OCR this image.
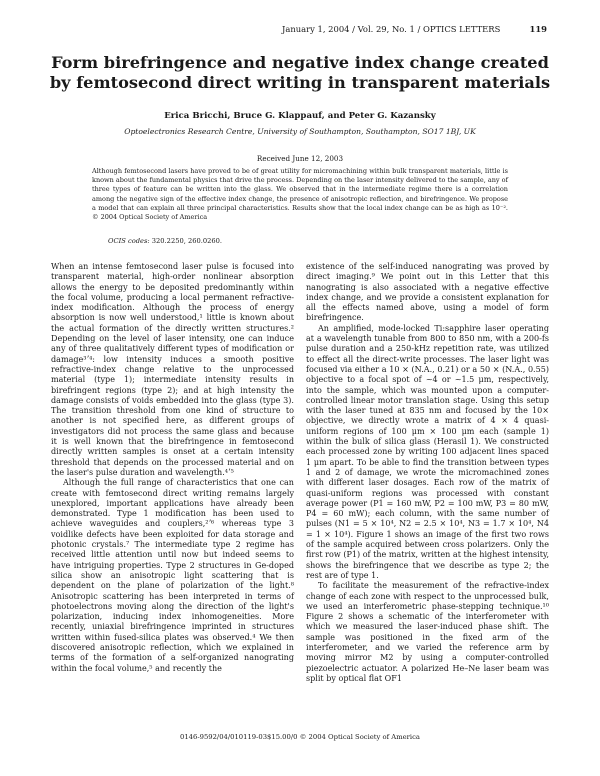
January 1, 2004 / Vol. 29, No. 1 / OPTICS LETTERS	119
Form birefringence and negative index change created by femtosecond direct writing in transparent materials
Erica Bricchi, Bruce G. Klappauf, and Peter G. Kazansky
Optoelectronics Research Centre, University of Southampton, Southampton, SO17 1BJ, UK
Received June 12, 2003

Although femtosecond lasers have proved to be of great utility for micromachining within bulk transparent materials, little is known about the fundamental physics that drive the process. Depending on the laser intensity delivered to the sample, any of three types of feature can be written into the glass. We observed that in the intermediate regime there is a correlation among the negative sign of the effective index change, the presence of anisotropic reflection, and birefringence. We propose a model that can explain all three principal characteristics. Results show that the local index change can be as high as 10⁻². © 2004 Optical Society of America

OCIS codes: 320.2250, 260.0260.

When an intense femtosecond laser pulse is focused into transparent material, high-order nonlinear absorption allows the energy to be deposited predominantly within the focal volume, producing a local permanent refractive-index modification. Although the process of energy absorption is now well understood,¹ little is known about the actual formation of the directly written structures.² Depending on the level of laser intensity, one can induce any of three qualitatively different types of modification or damage³ʼ⁴: low intensity induces a smooth positive refractive-index change relative to the unprocessed material (type 1); intermediate intensity results in birefringent regions (type 2); and at high intensity the damage consists of voids embedded into the glass (type 3). The transition threshold from one kind of structure to another is not specified here, as different groups of investigators did not process the same glass and because it is well known that the birefringence in femtosecond directly written samples is onset at a certain intensity threshold that depends on the processed material and on the laser's pulse duration and wavelength.⁴ʼ⁵

Although the full range of characteristics that one can create with femtosecond direct writing remains largely unexplored, important applications have already been demonstrated. Type 1 modification has been used to achieve waveguides and couplers,²ʼ⁶ whereas type 3 voidlike defects have been exploited for data storage and photonic crystals.⁷ The intermediate type 2 regime has received little attention until now but indeed seems to have intriguing properties. Type 2 structures in Ge-doped silica show an anisotropic light scattering that is dependent on the plane of polarization of the light.⁸ Anisotropic scattering has been interpreted in terms of photoelectrons moving along the direction of the light's polarization, inducing index inhomogeneities. More recently, uniaxial birefringence imprinted in structures written within fused-silica plates was observed.⁴ We then discovered anisotropic reflection, which we explained in terms of the formation of a self-organized nanograting within the focal volume,⁵ and recently the

existence of the self-induced nanograting was proved by direct imaging.⁹ We point out in this Letter that this nanograting is also associated with a negative effective index change, and we provide a consistent explanation for all the effects named above, using a model of form birefringence.

An amplified, mode-locked Ti:sapphire laser operating at a wavelength tunable from 800 to 850 nm, with a 200-fs pulse duration and a 250-kHz repetition rate, was utilized to effect all the direct-write processes. The laser light was focused via either a 10 × (N.A., 0.21) or a 50 × (N.A., 0.55) objective to a focal spot of ~4 or ~1.5 μm, respectively, into the sample, which was mounted upon a computer-controlled linear motor translation stage. Using this setup with the laser tuned at 835 nm and focused by the 10× objective, we directly wrote a matrix of 4 × 4 quasi-uniform regions of 100 μm × 100 μm each (sample 1) within the bulk of silica glass (Herasil 1). We constructed each processed zone by writing 100 adjacent lines spaced 1 μm apart. To be able to find the transition between types 1 and 2 of damage, we wrote the micromachined zones with different laser dosages. Each row of the matrix of quasi-uniform regions was processed with constant average power (P1 = 160 mW, P2 = 100 mW, P3 = 80 mW, P4 = 60 mW); each column, with the same number of pulses (N1 = 5 × 10⁴, N2 = 2.5 × 10⁴, N3 = 1.7 × 10⁴, N4 = 1 × 10⁴). Figure 1 shows an image of the first two rows of the sample acquired between cross polarizers. Only the first row (P1) of the matrix, written at the highest intensity, shows the birefringence that we describe as type 2; the rest are of type 1.

To facilitate the measurement of the refractive-index change of each zone with respect to the unprocessed bulk, we used an interferometric phase-stepping technique.¹⁰ Figure 2 shows a schematic of the interferometer with which we measured the laser-induced phase shift. The sample was positioned in the fixed arm of the interferometer, and we varied the reference arm by moving mirror M2 by using a computer-controlled piezoelectric actuator. A polarized He–Ne laser beam was split by optical flat OF1

0146-9592/04/010119-03$15.00/0 © 2004 Optical Society of America
